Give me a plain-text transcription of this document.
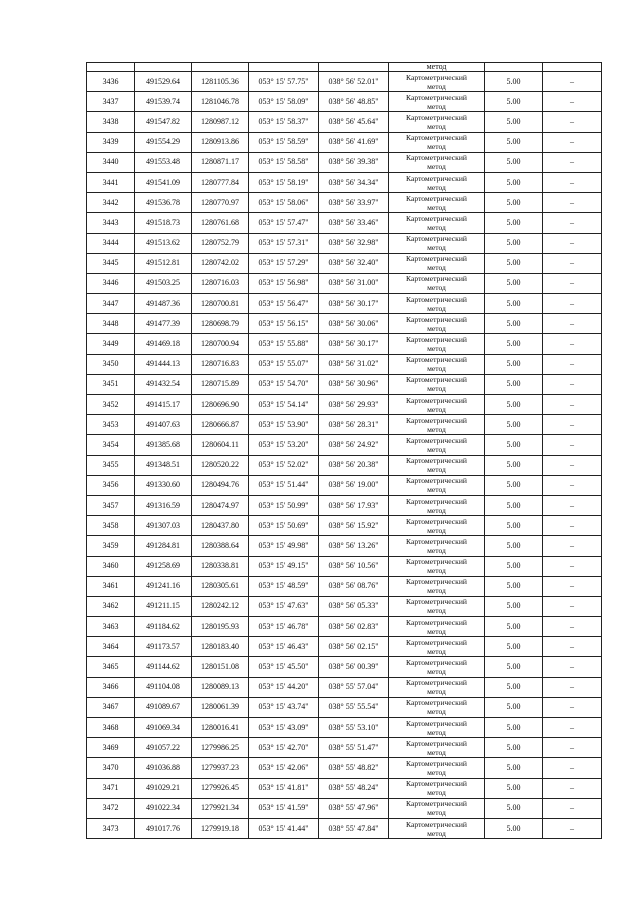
					метод		
3436	491529.64	1281105.36	053° 15' 57.75"	038° 56' 52.01"	Картометрический
метод	5.00	–
3437	491539.74	1281046.78	053° 15' 58.09"	038° 56' 48.85"	Картометрический
метод	5.00	–
3438	491547.82	1280987.12	053° 15' 58.37"	038° 56' 45.64"	Картометрический
метод	5.00	–
3439	491554.29	1280913.86	053° 15' 58.59"	038° 56' 41.69"	Картометрический
метод	5.00	–
3440	491553.48	1280871.17	053° 15' 58.58"	038° 56' 39.38"	Картометрический
метод	5.00	–
3441	491541.09	1280777.84	053° 15' 58.19"	038° 56' 34.34"	Картометрический
метод	5.00	–
3442	491536.78	1280770.97	053° 15' 58.06"	038° 56' 33.97"	Картометрический
метод	5.00	–
3443	491518.73	1280761.68	053° 15' 57.47"	038° 56' 33.46"	Картометрический
метод	5.00	–
3444	491513.62	1280752.79	053° 15' 57.31"	038° 56' 32.98"	Картометрический
метод	5.00	–
3445	491512.81	1280742.02	053° 15' 57.29"	038° 56' 32.40"	Картометрический
метод	5.00	–
3446	491503.25	1280716.03	053° 15' 56.98"	038° 56' 31.00"	Картометрический
метод	5.00	–
3447	491487.36	1280700.81	053° 15' 56.47"	038° 56' 30.17"	Картометрический
метод	5.00	–
3448	491477.39	1280698.79	053° 15' 56.15"	038° 56' 30.06"	Картометрический
метод	5.00	–
3449	491469.18	1280700.94	053° 15' 55.88"	038° 56' 30.17"	Картометрический
метод	5.00	–
3450	491444.13	1280716.83	053° 15' 55.07"	038° 56' 31.02"	Картометрический
метод	5.00	–
3451	491432.54	1280715.89	053° 15' 54.70"	038° 56' 30.96"	Картометрический
метод	5.00	–
3452	491415.17	1280696.90	053° 15' 54.14"	038° 56' 29.93"	Картометрический
метод	5.00	–
3453	491407.63	1280666.87	053° 15' 53.90"	038° 56' 28.31"	Картометрический
метод	5.00	–
3454	491385.68	1280604.11	053° 15' 53.20"	038° 56' 24.92"	Картометрический
метод	5.00	–
3455	491348.51	1280520.22	053° 15' 52.02"	038° 56' 20.38"	Картометрический
метод	5.00	–
3456	491330.60	1280494.76	053° 15' 51.44"	038° 56' 19.00"	Картометрический
метод	5.00	–
3457	491316.59	1280474.97	053° 15' 50.99"	038° 56' 17.93"	Картометрический
метод	5.00	–
3458	491307.03	1280437.80	053° 15' 50.69"	038° 56' 15.92"	Картометрический
метод	5.00	–
3459	491284.81	1280388.64	053° 15' 49.98"	038° 56' 13.26"	Картометрический
метод	5.00	–
3460	491258.69	1280338.81	053° 15' 49.15"	038° 56' 10.56"	Картометрический
метод	5.00	–
3461	491241.16	1280305.61	053° 15' 48.59"	038° 56' 08.76"	Картометрический
метод	5.00	–
3462	491211.15	1280242.12	053° 15' 47.63"	038° 56' 05.33"	Картометрический
метод	5.00	–
3463	491184.62	1280195.93	053° 15' 46.78"	038° 56' 02.83"	Картометрический
метод	5.00	–
3464	491173.57	1280183.40	053° 15' 46.43"	038° 56' 02.15"	Картометрический
метод	5.00	–
3465	491144.62	1280151.08	053° 15' 45.50"	038° 56' 00.39"	Картометрический
метод	5.00	–
3466	491104.08	1280089.13	053° 15' 44.20"	038° 55' 57.04"	Картометрический
метод	5.00	–
3467	491089.67	1280061.39	053° 15' 43.74"	038° 55' 55.54"	Картометрический
метод	5.00	–
3468	491069.34	1280016.41	053° 15' 43.09"	038° 55' 53.10"	Картометрический
метод	5.00	–
3469	491057.22	1279986.25	053° 15' 42.70"	038° 55' 51.47"	Картометрический
метод	5.00	–
3470	491036.88	1279937.23	053° 15' 42.06"	038° 55' 48.82"	Картометрический
метод	5.00	–
3471	491029.21	1279926.45	053° 15' 41.81"	038° 55' 48.24"	Картометрический
метод	5.00	–
3472	491022.34	1279921.34	053° 15' 41.59"	038° 55' 47.96"	Картометрический
метод	5.00	–
3473	491017.76	1279919.18	053° 15' 41.44"	038° 55' 47.84"	Картометрический
метод	5.00	–
